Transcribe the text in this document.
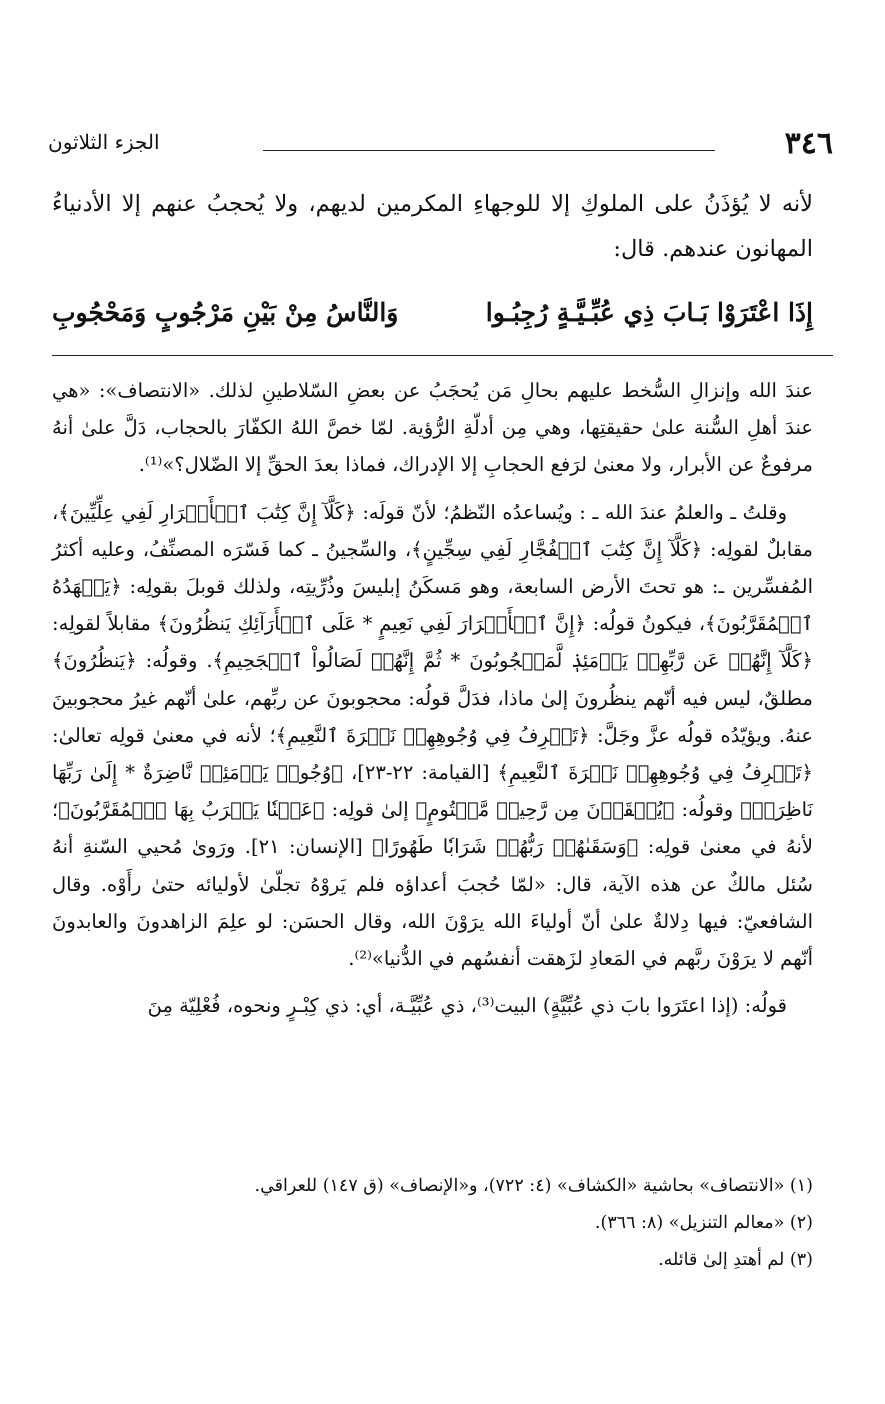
٣٤٦
الجزء الثلاثون
لأنه لا يُؤذَنُ على الملوكِ إلا للوجهاءِ المكرمين لديهم، ولا يُحجبُ عنهم إلا الأدنياءُ المهانون عندهم. قال:
إِذَا اعْتَرَوْا بَـابَ ذِي عُبِّـيَّـةٍ رُجِبُـوا
وَالنَّاسُ مِنْ بَيْنِ مَرْجُوبٍ وَمَحْجُوبِ

عندَ الله وإنزالِ السُّخط عليهم بحالِ مَن يُحجَبُ عن بعضِ السّلاطينِ لذلك. «الانتصاف»: «هي عندَ أهلِ السُّنة علىٰ حقيقتِها، وهي مِن أدلّةِ الرُّؤية. لمّا خصَّ اللهُ الكفّارَ بالحجاب، دَلَّ علىٰ أنهُ مرفوعٌ عن الأبرار، ولا معنىٰ لرَفع الحجابِ إلا الإدراك، فماذا بعدَ الحقِّ إلا الضّلال؟»⁽¹⁾.

وقلتُ ـ والعلمُ عندَ الله ـ : ويُساعدُه النّظمُ؛ لأنّ قولَه: ﴿كَلَّآ إِنَّ كِتَٰبَ ٱلۡأَبۡرَارِ لَفِي عِلِّيِّينَ﴾، مقابلٌ لقولِه: ﴿كَلَّآ إِنَّ كِتَٰبَ ٱلۡفُجَّارِ لَفِي سِجِّينٍ﴾، والسِّجينُ ـ كما فَسّرَه المصنِّفُ، وعليه أكثرُ المُفسِّرين ـ: هو تحتَ الأرض السابعة، وهو مَسكَنُ إبليسَ وذُرِّيتِه، ولذلك قوبلَ بقولِه: ﴿يَشۡهَدُهُ ٱلۡمُقَرَّبُونَ﴾، فيكونُ قولُه: ﴿إِنَّ ٱلۡأَبۡرَارَ لَفِي نَعِيمٍ * عَلَى ٱلۡأَرَآئِكِ يَنظُرُونَ﴾ مقابلاً لقولِه: ﴿كَلَّآ إِنَّهُمۡ عَن رَّبِّهِمۡ يَوۡمَئِذٖ لَّمَحۡجُوبُونَ * ثُمَّ إِنَّهُمۡ لَصَالُواْ ٱلۡجَحِيمِ﴾. وقولُه: ﴿يَنظُرُونَ﴾ مطلقٌ، ليس فيه أنّهم ينظُرونَ إلىٰ ماذا، فدَلَّ قولُه: محجوبونَ عن ربِّهم، علىٰ أنّهم غيرُ محجوبينَ عنهُ. ويؤيّدُه قولُه عزَّ وجَلَّ: ﴿تَعۡرِفُ فِي وُجُوهِهِمۡ نَضۡرَةَ ٱلنَّعِيمِ﴾؛ لأنه في معنىٰ قولِه تعالىٰ: ﴿تَعۡرِفُ فِي وُجُوهِهِمۡ نَضۡرَةَ ٱلنَّعِيمِ﴾ [القيامة: ٢٢-٢٣]، ﴿وُجُوهٞ يَوۡمَئِذٖ نَّاضِرَةٌ * إِلَىٰ رَبِّهَا نَاظِرَةٞ﴾ وقولُه: ﴿يُسۡقَوۡنَ مِن رَّحِيقٖ مَّخۡتُومٍ﴾ إلىٰ قولِه: ﴿عَيۡنٗا يَشۡرَبُ بِهَا ٱلۡمُقَرَّبُونَ﴾؛ لأنهُ في معنىٰ قولِه: ﴿وَسَقَىٰهُمۡ رَبُّهُمۡ شَرَابٗا طَهُورًا﴾ [الإنسان: ٢١]. ورَوىٰ مُحيي السّنةِ أنهُ سُئل مالكٌ عن هذه الآية، قال: «لمّا حُجبَ أعداؤه فلم يَروْهُ تجلّىٰ لأوليائه حتىٰ رأَوْه. وقال الشافعيّ: فيها دِلالةٌ علىٰ أنّ أولياءَ الله يرَوْنَ الله، وقال الحسَن: لو علِمَ الزاهدونَ والعابدونَ أنّهم لا يرَوْنَ ربَّهم في المَعادِ لزَهقت أنفسُهم في الدُّنيا»⁽²⁾.

قولُه: (إذا اعتَرَوا بابَ ذي عُبِّيَّةٍ) البيت⁽³⁾، ذي عُبِّيَّـة، أي: ذي كِبْـرٍ ونحوه، فُعْلِيّة مِنَ

(١) «الانتصاف» بحاشية «الكشاف» (٤: ٧٢٢)، و«الإنصاف» (ق ١٤٧) للعراقي.
(٢) «معالم التنزيل» (٨: ٣٦٦).
(٣) لم أهتدِ إلىٰ قائله.
